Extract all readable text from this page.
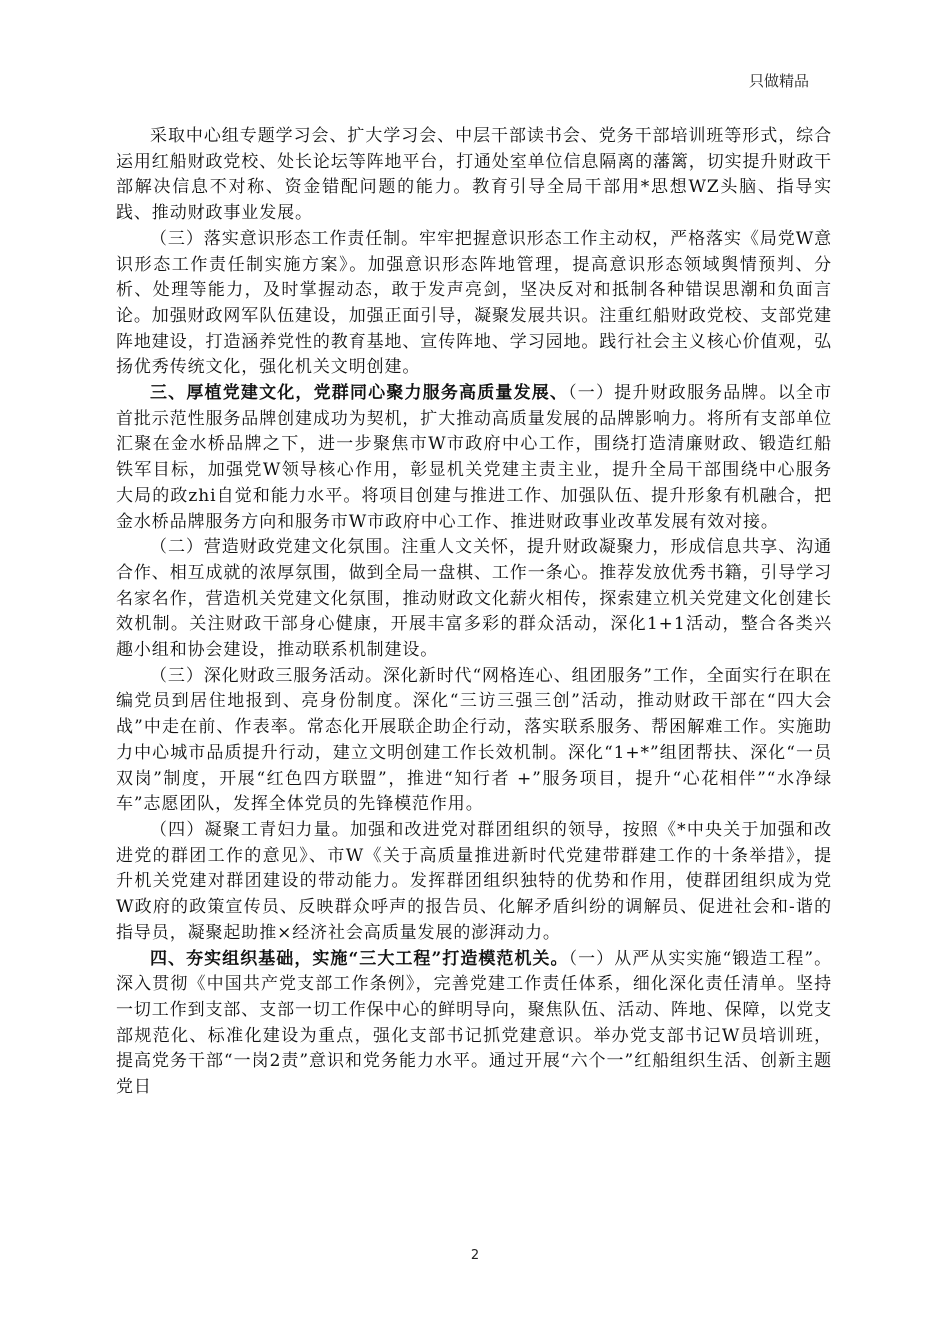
只做精品

采取中心组专题学习会、扩大学习会、中层干部读书会、党务干部培训班等形式，综合运用红船财政党校、处长论坛等阵地平台，打通处室单位信息隔离的藩篱，切实提升财政干部解决信息不对称、资金错配问题的能力。教育引导全局干部用*思想WZ头脑、指导实践、推动财政事业发展。

（三）落实意识形态工作责任制。牢牢把握意识形态工作主动权，严格落实《局党W意识形态工作责任制实施方案》。加强意识形态阵地管理，提高意识形态领域舆情预判、分析、处理等能力，及时掌握动态，敢于发声亮剑，坚决反对和抵制各种错误思潮和负面言论。加强财政网军队伍建设，加强正面引导，凝聚发展共识。注重红船财政党校、支部党建阵地建设，打造涵养党性的教育基地、宣传阵地、学习园地。践行社会主义核心价值观，弘扬优秀传统文化，强化机关文明创建。

三、厚植党建文化，党群同心聚力服务高质量发展、（一）提升财政服务品牌。以全市首批示范性服务品牌创建成功为契机，扩大推动高质量发展的品牌影响力。将所有支部单位汇聚在金水桥品牌之下，进一步聚焦市W市政府中心工作，围绕打造清廉财政、锻造红船铁军目标，加强党W领导核心作用，彰显机关党建主责主业，提升全局干部围绕中心服务大局的政zhi自觉和能力水平。将项目创建与推进工作、加强队伍、提升形象有机融合，把金水桥品牌服务方向和服务市W市政府中心工作、推进财政事业改革发展有效对接。

（二）营造财政党建文化氛围。注重人文关怀，提升财政凝聚力，形成信息共享、沟通合作、相互成就的浓厚氛围，做到全局一盘棋、工作一条心。推荐发放优秀书籍，引导学习名家名作，营造机关党建文化氛围，推动财政文化薪火相传，探索建立机关党建文化创建长效机制。关注财政干部身心健康，开展丰富多彩的群众活动，深化1+1活动，整合各类兴趣小组和协会建设，推动联系机制建设。

（三）深化财政三服务活动。深化新时代“网格连心、组团服务”工作，全面实行在职在编党员到居住地报到、亮身份制度。深化“三访三强三创”活动，推动财政干部在“四大会战”中走在前、作表率。常态化开展联企助企行动，落实联系服务、帮困解难工作。实施助力中心城市品质提升行动，建立文明创建工作长效机制。深化“1+*”组团帮扶、深化“一员双岗”制度，开展“红色四方联盟”，推进“知行者 +”服务项目，提升“心花相伴”“水净绿车”志愿团队，发挥全体党员的先锋模范作用。

（四）凝聚工青妇力量。加强和改进党对群团组织的领导，按照《*中央关于加强和改进党的群团工作的意见》、市W《关于高质量推进新时代党建带群建工作的十条举措》，提升机关党建对群团建设的带动能力。发挥群团组织独特的优势和作用，使群团组织成为党W政府的政策宣传员、反映群众呼声的报告员、化解矛盾纠纷的调解员、促进社会和-谐的指导员，凝聚起助推×经济社会高质量发展的澎湃动力。

四、夯实组织基础，实施“三大工程”打造模范机关。（一）从严从实实施“锻造工程”。深入贯彻《中国共产党支部工作条例》，完善党建工作责任体系，细化深化责任清单。坚持一切工作到支部、支部一切工作保中心的鲜明导向，聚焦队伍、活动、阵地、保障，以党支部规范化、标准化建设为重点，强化支部书记抓党建意识。举办党支部书记W员培训班，提高党务干部“一岗2责”意识和党务能力水平。通过开展“六个一”红船组织生活、创新主题党日

2
